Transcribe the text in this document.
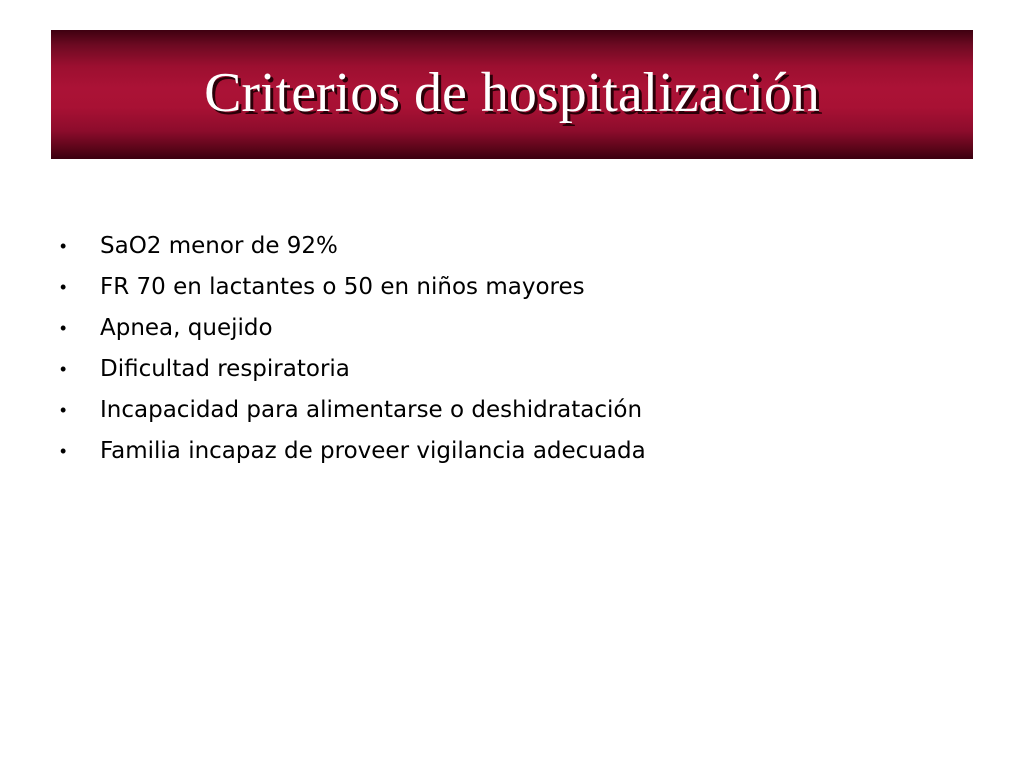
Criterios de hospitalización
•	SaO2 menor de 92%
•	FR 70 en lactantes o 50 en niños mayores
•	Apnea, quejido
•	Dificultad respiratoria
•	Incapacidad para alimentarse o deshidratación
•	Familia incapaz de proveer vigilancia adecuada
